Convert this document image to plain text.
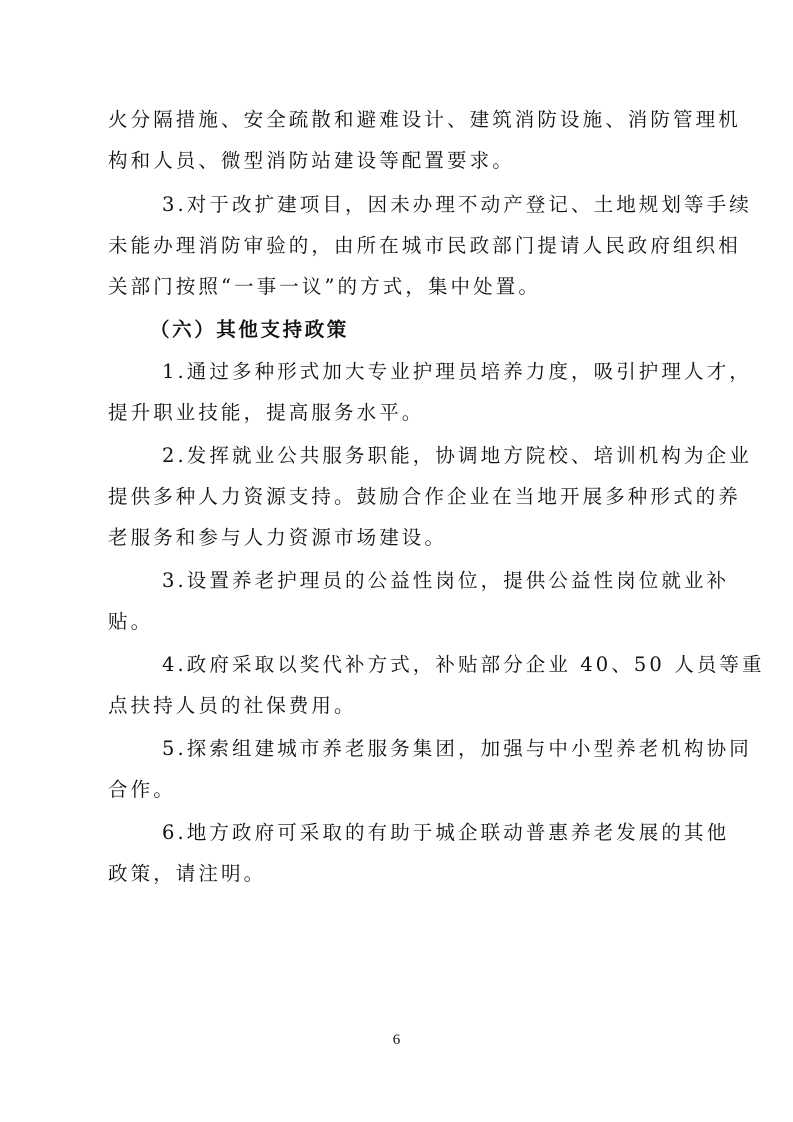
火分隔措施、安全疏散和避难设计、建筑消防设施、消防管理机
构和人员、微型消防站建设等配置要求。
3.对于改扩建项目，因未办理不动产登记、土地规划等手续
未能办理消防审验的，由所在城市民政部门提请人民政府组织相
关部门按照“一事一议”的方式，集中处置。
（六）其他支持政策
1.通过多种形式加大专业护理员培养力度，吸引护理人才，
提升职业技能，提高服务水平。
2.发挥就业公共服务职能，协调地方院校、培训机构为企业
提供多种人力资源支持。鼓励合作企业在当地开展多种形式的养
老服务和参与人力资源市场建设。
3.设置养老护理员的公益性岗位，提供公益性岗位就业补
贴。
4.政府采取以奖代补方式，补贴部分企业 40、50 人员等重
点扶持人员的社保费用。
5.探索组建城市养老服务集团，加强与中小型养老机构协同
合作。
6.地方政府可采取的有助于城企联动普惠养老发展的其他
政策，请注明。
6
